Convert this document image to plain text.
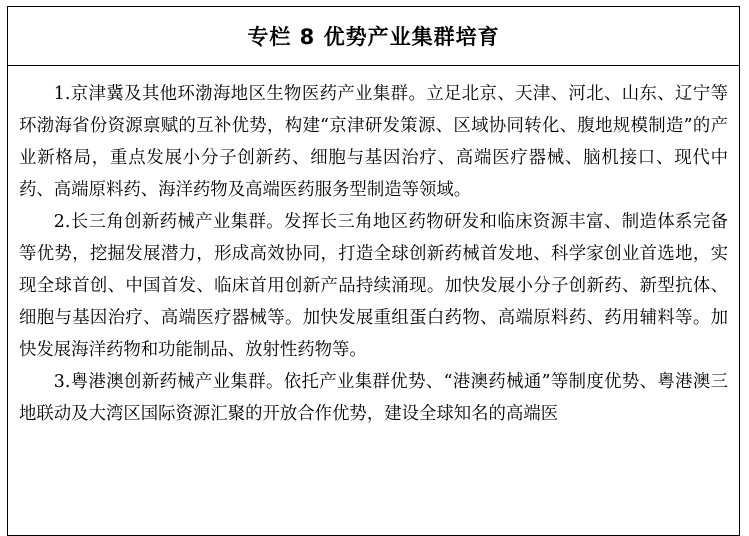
专栏 8 优势产业集群培育

1.京津冀及其他环渤海地区生物医药产业集群。立足北京、天津、河北、山东、辽宁等环渤海省份资源禀赋的互补优势，构建“京津研发策源、区域协同转化、腹地规模制造”的产业新格局，重点发展小分子创新药、细胞与基因治疗、高端医疗器械、脑机接口、现代中药、高端原料药、海洋药物及高端医药服务型制造等领域。

2.长三角创新药械产业集群。发挥长三角地区药物研发和临床资源丰富、制造体系完备等优势，挖掘发展潜力，形成高效协同，打造全球创新药械首发地、科学家创业首选地，实现全球首创、中国首发、临床首用创新产品持续涌现。加快发展小分子创新药、新型抗体、细胞与基因治疗、高端医疗器械等。加快发展重组蛋白药物、高端原料药、药用辅料等。加快发展海洋药物和功能制品、放射性药物等。

3.粤港澳创新药械产业集群。依托产业集群优势、“港澳药械通”等制度优势、粤港澳三地联动及大湾区国际资源汇聚的开放合作优势，建设全球知名的高端医
